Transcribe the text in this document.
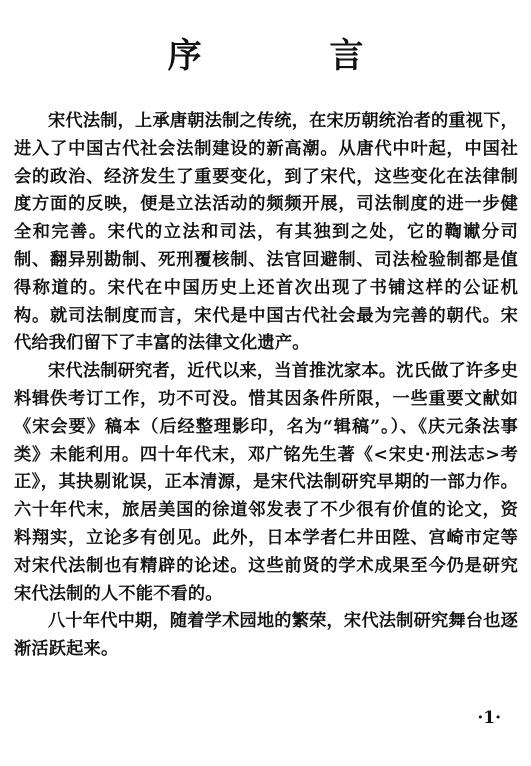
序 言

宋代法制，上承唐朝法制之传统，在宋历朝统治者的重视下，进入了中国古代社会法制建设的新高潮。从唐代中叶起，中国社会的政治、经济发生了重要变化，到了宋代，这些变化在法律制度方面的反映，便是立法活动的频频开展，司法制度的进一步健全和完善。宋代的立法和司法，有其独到之处，它的鞫谳分司制、翻异别勘制、死刑覆核制、法官回避制、司法检验制都是值得称道的。宋代在中国历史上还首次出现了书铺这样的公证机构。就司法制度而言，宋代是中国古代社会最为完善的朝代。宋代给我们留下了丰富的法律文化遗产。

宋代法制研究者，近代以来，当首推沈家本。沈氏做了许多史料辑佚考订工作，功不可没。惜其因条件所限，一些重要文献如《宋会要》稿本（后经整理影印，名为“辑稿”。）、《庆元条法事类》未能利用。四十年代末，邓广铭先生著《<宋史·刑法志>考正》，其抉剔讹误，正本清源，是宋代法制研究早期的一部力作。六十年代末，旅居美国的徐道邻发表了不少很有价值的论文，资料翔实，立论多有创见。此外，日本学者仁井田陞、宫崎市定等对宋代法制也有精辟的论述。这些前贤的学术成果至今仍是研究宋代法制的人不能不看的。

八十年代中期，随着学术园地的繁荣，宋代法制研究舞台也逐渐活跃起来。

·1·
